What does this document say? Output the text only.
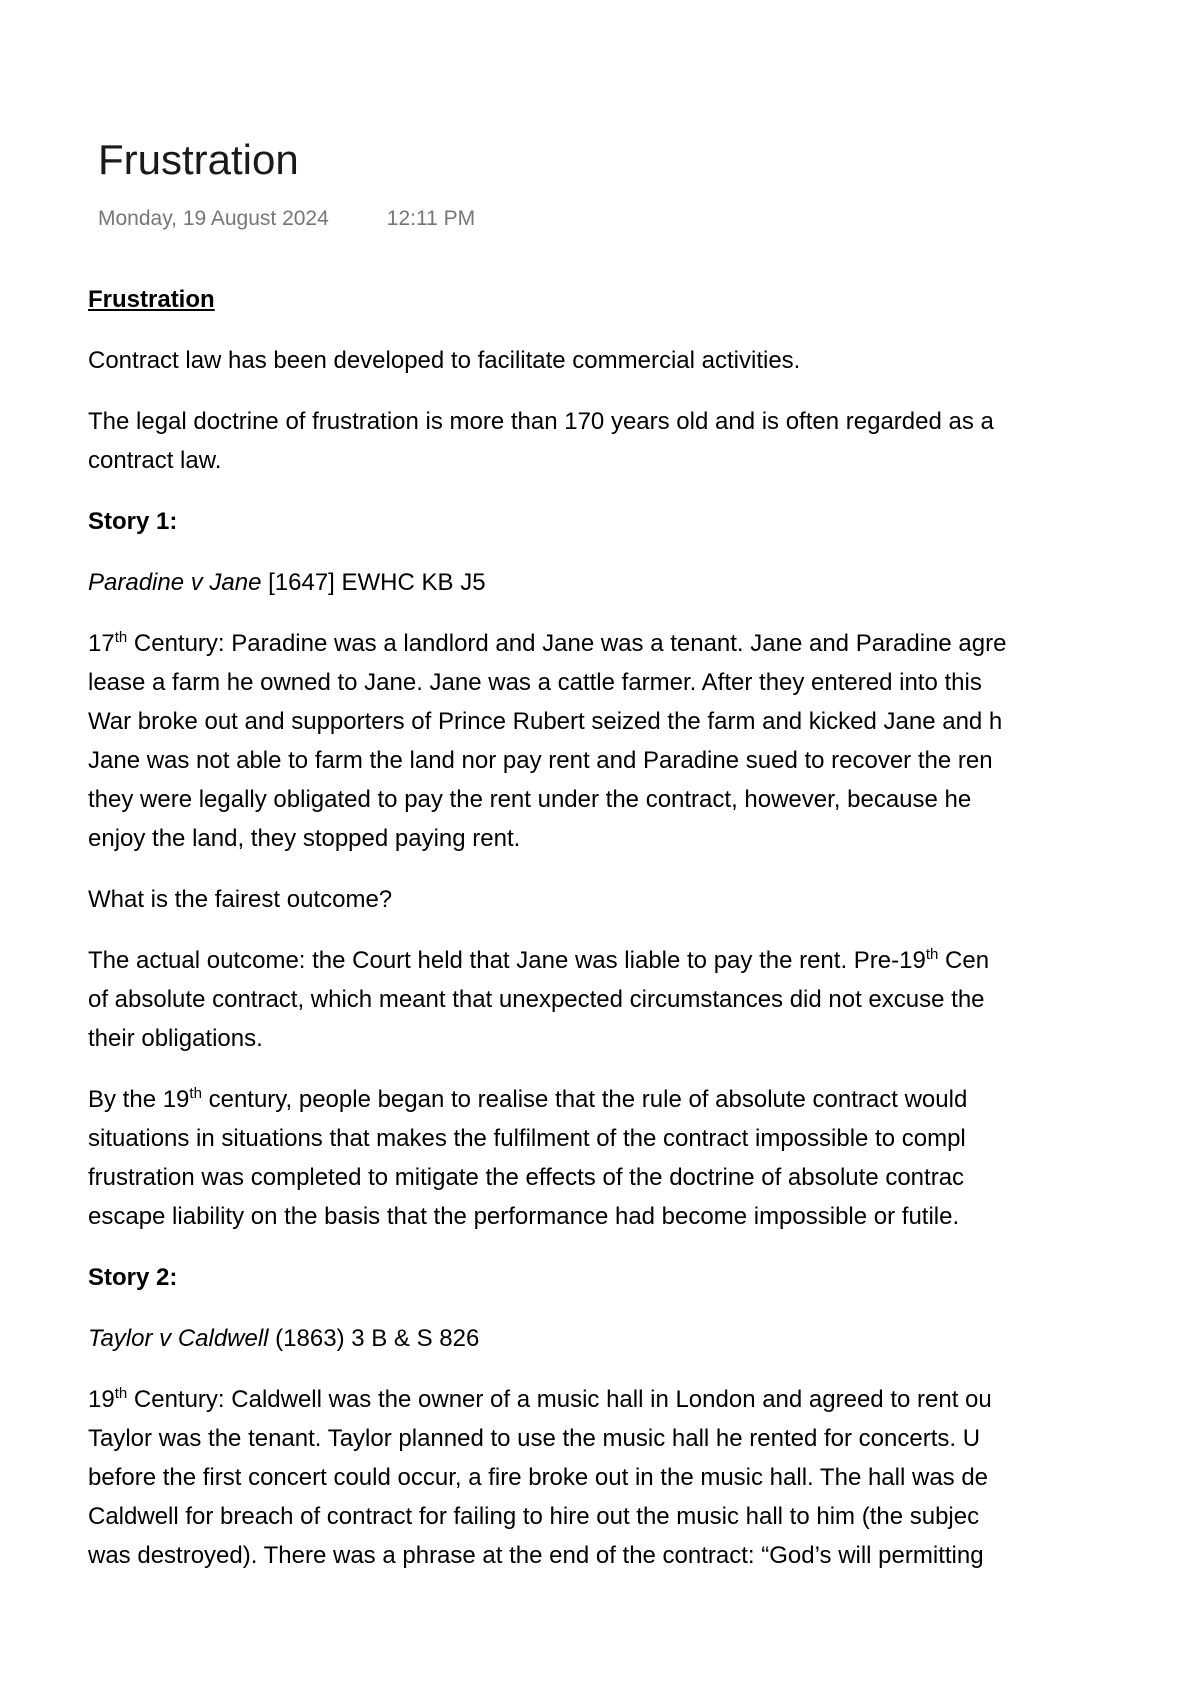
Frustration
Monday, 19 August 2024	12:11 PM

Frustration

Contract law has been developed to facilitate commercial activities.

The legal doctrine of frustration is more than 170 years old and is often regarded as a

contract law.

Story 1:

Paradine v Jane [1647] EWHC KB J5

17th Century: Paradine was a landlord and Jane was a tenant. Jane and Paradine agre

lease a farm he owned to Jane. Jane was a cattle farmer. After they entered into this

War broke out and supporters of Prince Rubert seized the farm and kicked Jane and h

Jane was not able to farm the land nor pay rent and Paradine sued to recover the ren

they were legally obligated to pay the rent under the contract, however, because he

enjoy the land, they stopped paying rent.

What is the fairest outcome?

The actual outcome: the Court held that Jane was liable to pay the rent. Pre-19th Cen

of absolute contract, which meant that unexpected circumstances did not excuse the

their obligations.

By the 19th century, people began to realise that the rule of absolute contract would

situations in situations that makes the fulfilment of the contract impossible to compl

frustration was completed to mitigate the effects of the doctrine of absolute contrac

escape liability on the basis that the performance had become impossible or futile.

Story 2:

Taylor v Caldwell (1863) 3 B & S 826

19th Century: Caldwell was the owner of a music hall in London and agreed to rent ou

Taylor was the tenant. Taylor planned to use the music hall he rented for concerts. U

before the first concert could occur, a fire broke out in the music hall. The hall was de

Caldwell for breach of contract for failing to hire out the music hall to him (the subjec

was destroyed). There was a phrase at the end of the contract: “God’s will permitting
